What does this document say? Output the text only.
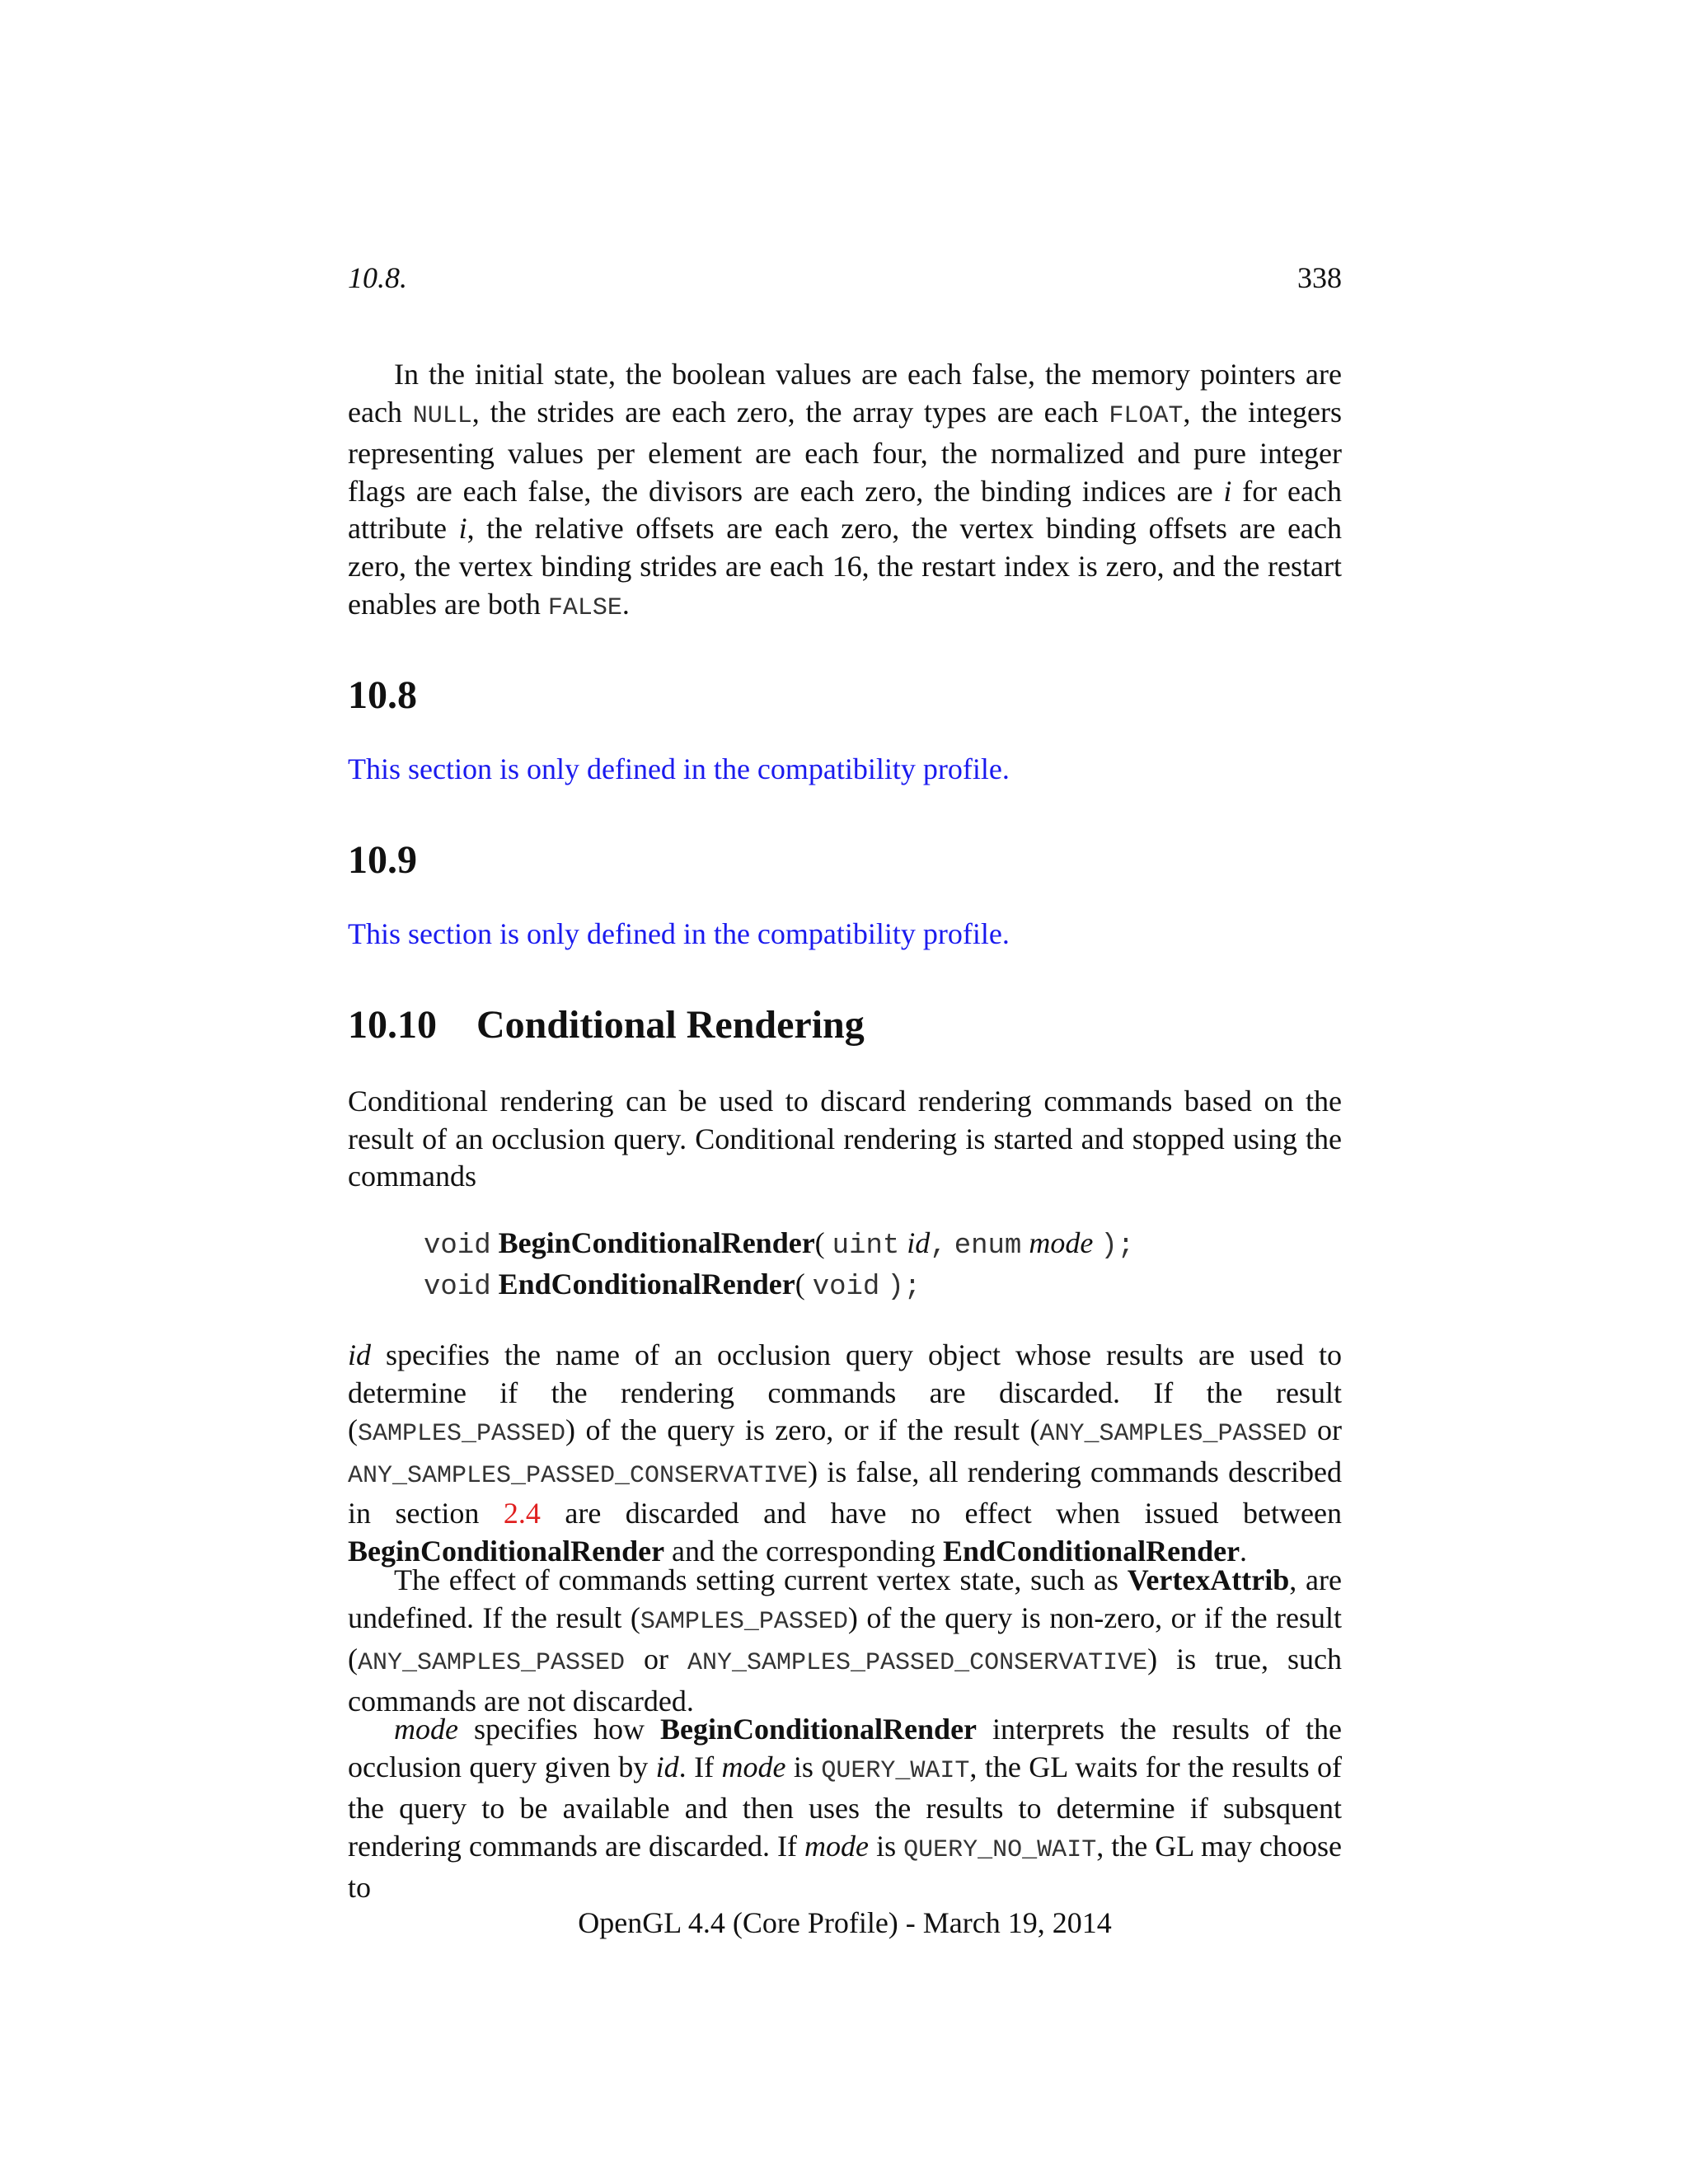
10.8.	338

In the initial state, the boolean values are each false, the memory pointers are each NULL, the strides are each zero, the array types are each FLOAT, the integers representing values per element are each four, the normalized and pure integer flags are each false, the divisors are each zero, the binding indices are i for each attribute i, the relative offsets are each zero, the vertex binding offsets are each zero, the vertex binding strides are each 16, the restart index is zero, and the restart enables are both FALSE.

10.8

This section is only defined in the compatibility profile.

10.9

This section is only defined in the compatibility profile.

10.10 Conditional Rendering

Conditional rendering can be used to discard rendering commands based on the result of an occlusion query. Conditional rendering is started and stopped using the commands

void BeginConditionalRender( uint id, enum mode );
void EndConditionalRender( void );

id specifies the name of an occlusion query object whose results are used to determine if the rendering commands are discarded. If the result (SAMPLES_PASSED) of the query is zero, or if the result (ANY_SAMPLES_PASSED or ANY_SAMPLES_PASSED_CONSERVATIVE) is false, all rendering commands described in section 2.4 are discarded and have no effect when issued between BeginConditionalRender and the corresponding EndConditionalRender.

The effect of commands setting current vertex state, such as VertexAttrib, are undefined. If the result (SAMPLES_PASSED) of the query is non-zero, or if the result (ANY_SAMPLES_PASSED or ANY_SAMPLES_PASSED_CONSERVATIVE) is true, such commands are not discarded.

mode specifies how BeginConditionalRender interprets the results of the occlusion query given by id. If mode is QUERY_WAIT, the GL waits for the results of the query to be available and then uses the results to determine if subsquent rendering commands are discarded. If mode is QUERY_NO_WAIT, the GL may choose to

OpenGL 4.4 (Core Profile) - March 19, 2014
